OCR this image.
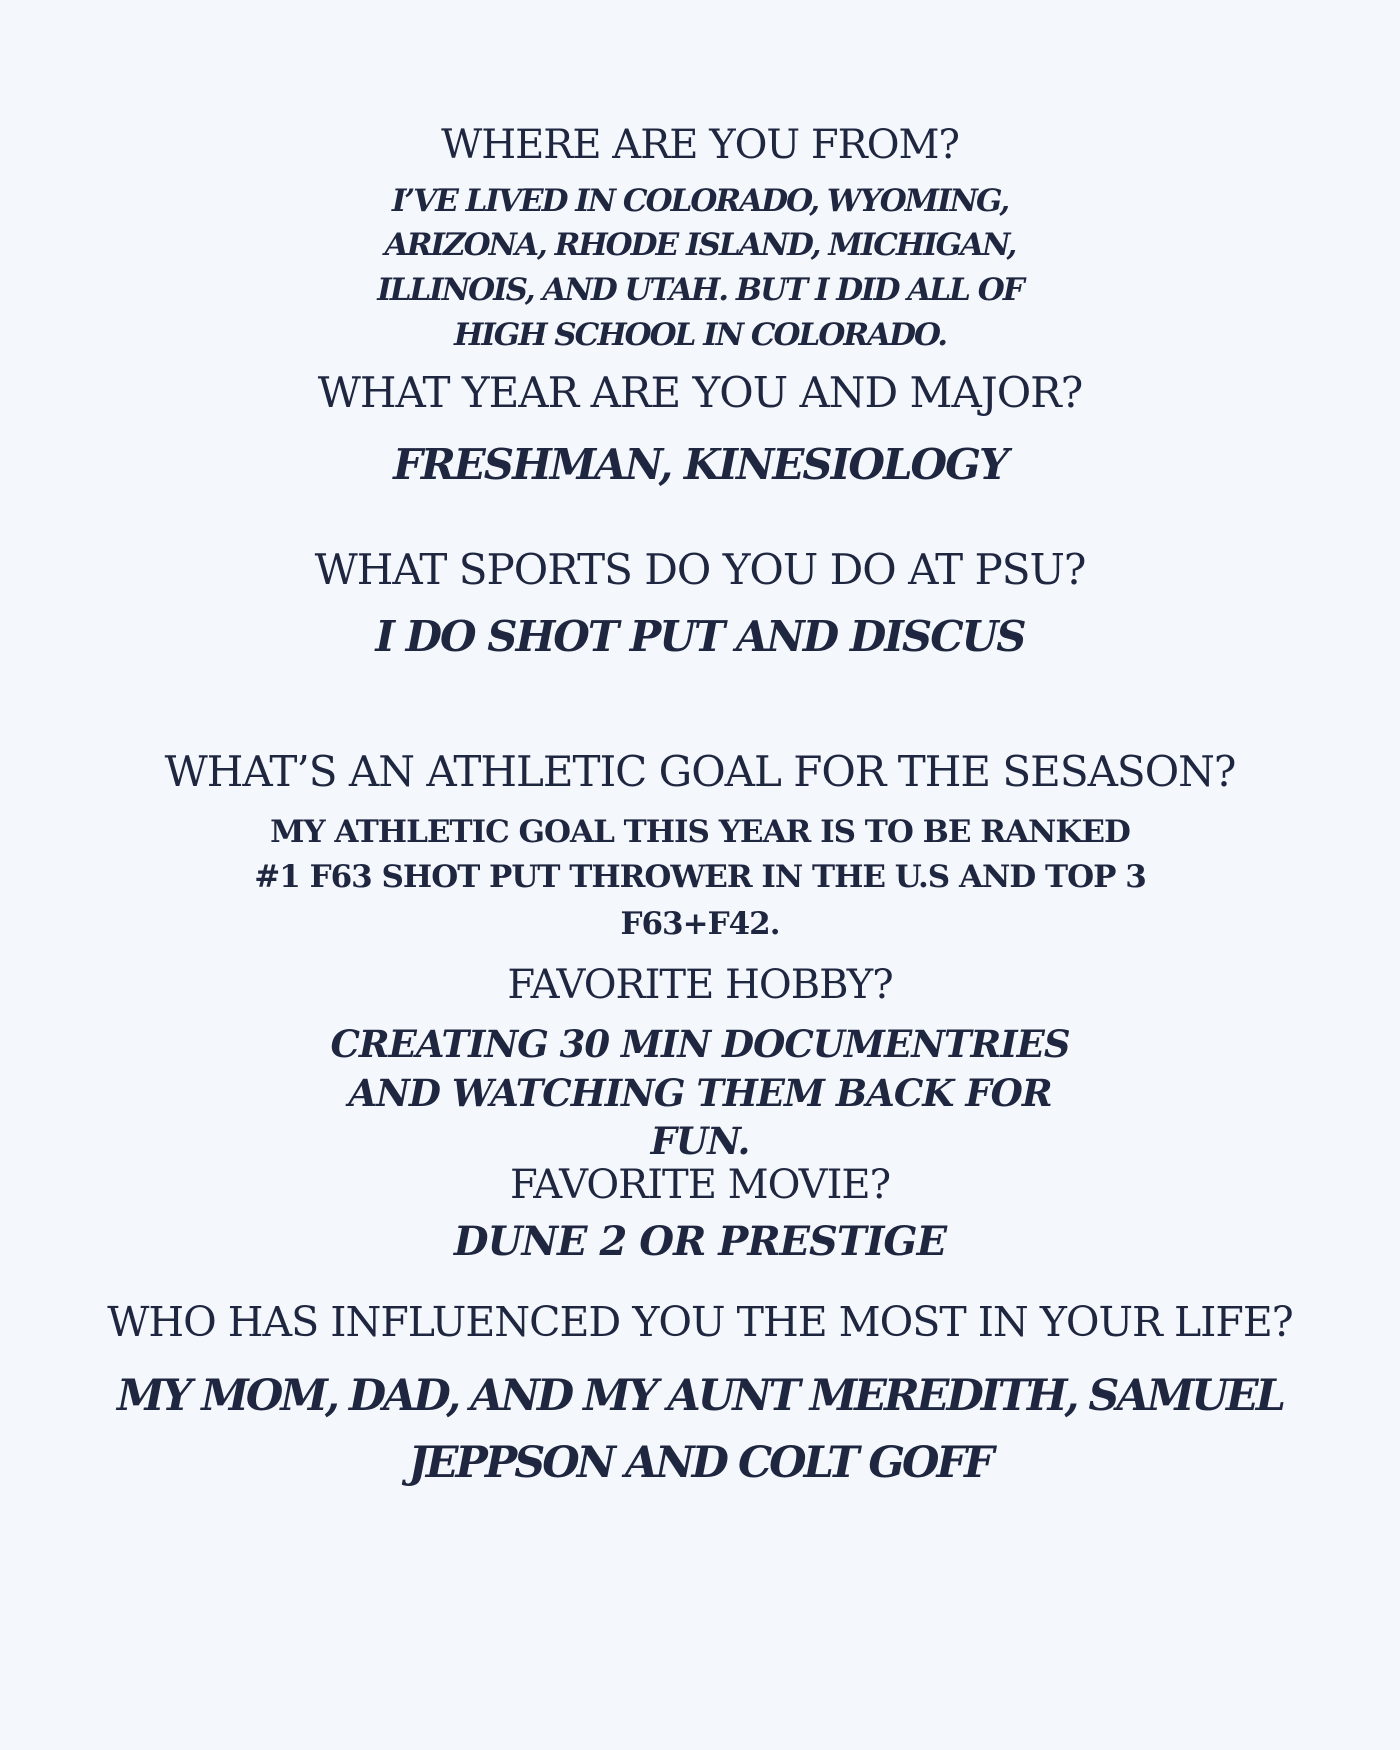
WHERE ARE YOU FROM?
I’VE LIVED IN COLORADO, WYOMING,
ARIZONA, RHODE ISLAND, MICHIGAN,
ILLINOIS, AND UTAH. BUT I DID ALL OF
HIGH SCHOOL IN COLORADO.
WHAT YEAR ARE YOU AND MAJOR?
FRESHMAN, KINESIOLOGY
WHAT SPORTS DO YOU DO AT PSU?
I DO SHOT PUT AND DISCUS
WHAT’S AN ATHLETIC GOAL FOR THE SESASON?
MY ATHLETIC GOAL THIS YEAR IS TO BE RANKED
#1 F63 SHOT PUT THROWER IN THE U.S AND TOP 3
F63+F42.
FAVORITE HOBBY?
CREATING 30 MIN DOCUMENTRIES
AND WATCHING THEM BACK FOR
FUN.
FAVORITE MOVIE?
DUNE 2 OR PRESTIGE
WHO HAS INFLUENCED YOU THE MOST IN YOUR LIFE?
MY MOM, DAD, AND MY AUNT MEREDITH, SAMUEL
JEPPSON AND COLT GOFF
